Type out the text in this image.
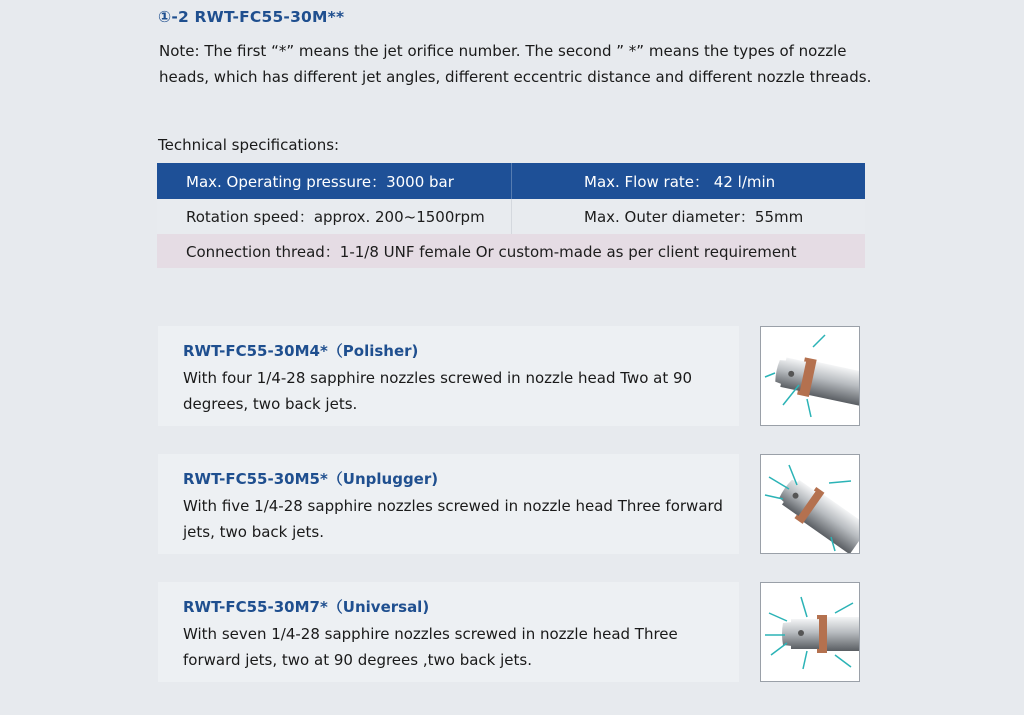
①-2 RWT-FC55-30M**
Note: The first “*” means the jet orifice number. The second ” *” means the types of nozzle heads, which has different jet angles, different eccentric distance and different nozzle threads.
Technical specifications:
Max. Operating pressure：3000 bar	Max. Flow rate： 42 l/min
Rotation speed：approx. 200~1500rpm	Max. Outer diameter：55mm
Connection thread：1-1/8 UNF female Or custom-made as per client requirement
RWT-FC55-30M4*（Polisher)
With four 1/4-28 sapphire nozzles screwed in nozzle head Two at 90 degrees, two back jets.
RWT-FC55-30M5*（Unplugger)
With five 1/4-28 sapphire nozzles screwed in nozzle head Three forward jets, two back jets.
RWT-FC55-30M7*（Universal)
With seven 1/4-28 sapphire nozzles screwed in nozzle head Three forward jets, two at 90 degrees ,two back jets.
